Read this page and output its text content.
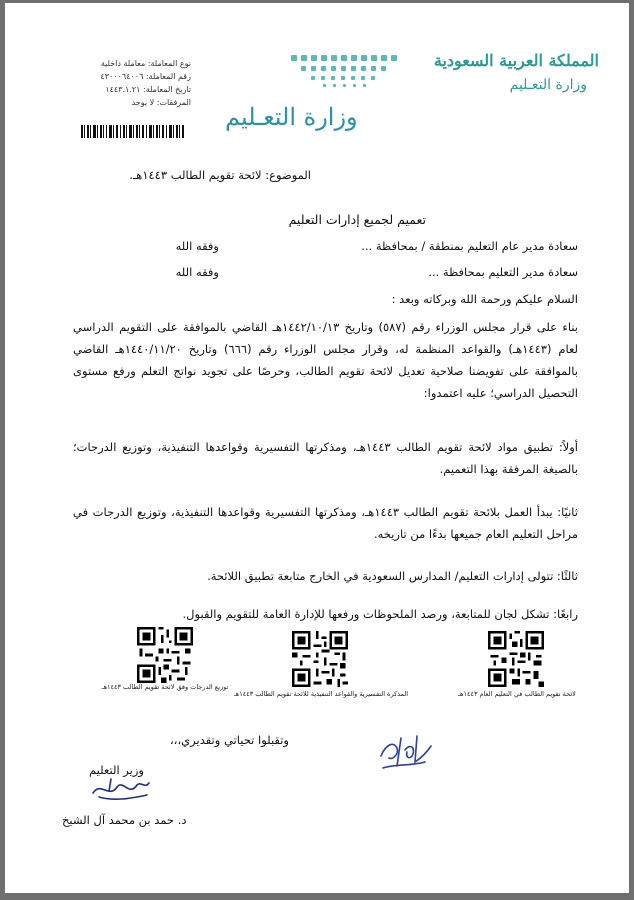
المملكة العربية السعودية
وزارة التعـليم
وزارة التعـليم
نوع المعاملة: معاملة داخلية
رقم المعاملة: ٤٣٠٠٠٦٤٠٠٦
تاريخ المعاملة: ١٤٤٣.١.٢١
المرفقات: لا يوجد
الموضوع: لائحة تقويم الطالب ١٤٤٣هـ.
تعميم لجميع إدارات التعليم
سعادة مدير عام التعليم بمنطقة / بمحافظة ...
وفقه الله
سعادة مدير التعليم بمحافظة ...
وفقه الله
السلام عليكم ورحمة الله وبركاته وبعد :
بناء على قرار مجلس الوزراء رقم (٥٨٧) وتاريخ ١٤٤٢/١٠/١٣هـ القاضي بالموافقة على التقويم الدراسي لعام (١٤٤٣هـ) والقواعد المنظمة له، وقرار مجلس الوزراء رقم (٦٦٦) وتاريخ ١٤٤٠/١١/٢٠هـ القاضي بالموافقة على تفويضنا صلاحية تعديل لائحة تقويم الطالب، وحرصًا على تجويد نواتج التعلم ورفع مستوى التحصيل الدراسي؛ عليه اعتمدوا:
أولاً: تطبيق مواد لائحة تقويم الطالب ١٤٤٣هـ، ومذكرتها التفسيرية وقواعدها التنفيذية، وتوزيع الدرجات؛ بالصيغة المرفقة بهذا التعميم.
ثانيًا: يبدأ العمل بلائحة تقويم الطالب ١٤٤٣هـ، ومذكرتها التفسيرية وقواعدها التنفيذية، وتوزيع الدرجات في مراحل التعليم العام جميعها بدءًا من تاريخه.
ثالثًا: تتولى إدارات التعليم/ المدارس السعودية في الخارج متابعة تطبيق اللائحة.
رابعًا: تشكل لجان للمتابعة، ورصد الملحوظات ورفعها للإدارة العامة للتقويم والقبول.
لائحة تقويم الطالب في التعليم العام ١٤٤٣هـ
المذكرة التفسيرية والقواعد التنفيذية للائحة تقويم الطالب ١٤٤٣هـ
توزيع الدرجات وفق لائحة تقويم الطالب ١٤٤٣هـ
وتقبلوا تحياتي وتقديري،،،
وزير التعليم
د. حمد بن محمد آل الشيخ
